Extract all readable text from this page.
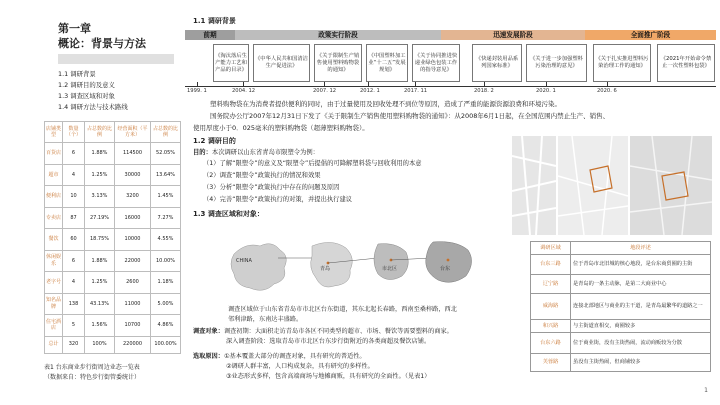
第一章
概论：背景与方法
1.1 调研背景
1.2 调研目的及意义
1.3 调查区域和对象
1.4 调研方法与技术路线
店铺类型	数量（个）	占总数的比例	经营面积（平方米）	占总数的比例
百货店	6	1.88%	114500	52.05%
超市	4	1.25%	30000	13.64%
便利店	10	3.13%	3200	1.45%
专卖店	87	27.19%	16000	7.27%
餐饮	60	18.75%	10000	4.55%
休闲娱乐	6	1.88%	22000	10.00%
老字号	4	1.25%	2600	1.18%
知名品牌	138	43.13%	11000	5.00%
住宅酒店	5	1.56%	10700	4.86%
总计	320	100%	220000	100.00%
表1 台东商业步行街周边业态一览表
（数据来自：特色步行街管委统计）
1.1 调研背景
前期	政策实行阶段	迅速发展阶段	全面推广阶段
《淘汰落后生产能力工艺和产品的目录》
《中华人民共和国清洁生产促进法》
《关于限制生产销售使用塑料购物袋的通知》
《中国塑料加工业“十二五”发展规划》
《关于协同推进快递业绿色包装工作的指导意见》
《快递封装用品系列国家标准》
《关于进一步加强塑料污染治理的意见》
《关于扎实推进塑料污染治理工作的通知》
《2021年开始命令禁止一次性塑料包袋》
1999. 1	2004. 12	2007. 12	2012. 1	2017. 11	2018. 2	2020. 1	2020. 6
塑料购物袋在为消费者提供便利的同时，由于过量使用及回收处理不到位等原因，造成了严重的能源资源浪费和环境污染。
国务院办公厅2007年12月31日下发了《关于限制生产销售使用塑料购物袋的通知》：从2008年6月1日起，在全国范围内禁止生产、销售、
使用厚度小于0．025毫米的塑料购物袋（超薄塑料购物袋）。
1.2 调研目的
目的：本次调研以山东省青岛市限塑令为例：
（1）了解“限塑令”的意义及“限塑令”后提倡的可降解塑料袋与回收利用的本意
（2）调查“限塑令”政策执行的情况和效果
（3）分析“限塑令”政策执行中存在的问题及原因
（4）完善“限塑令”政策执行的对策，并提出执行建议
1.3 调查区域和对象：
CHINA
青岛	市北区	台东
调研区域	地段评述
台东三路	位于青岛市北旧城的核心地段，是台东商贸圈的主街
辽宁路	是青岛的一条主动脉，是第二大商业中心
威海路	连接北部地区与商业的主干道，是青岛最繁华的道路之一
和兴路	与主街道直相交，商圈较多
台东六路	位于商业街，没有主街热闹，流动商贩较为分散
芙蓉路	虽没有主街热闹，但商铺较多
调查区域位于山东省青岛市市北区台东街道，其东北起长春路，西南至桑梓路，西北
邻利津路，东南达丰盛路。
调查对象：调查初期：大面积走访青岛市各区不同类型的超市、市场、餐饮等需要塑料的商家。
深入调查阶段：选取青岛市市北区台东步行街附近的各类商超及餐饮店铺。
选取原因：①基本覆盖大部分的调查对象，具有研究的普适性。
②调研人群丰富，人口构成复杂，具有研究的多样性。
③业态形式多样，包含高端商场与地摊商贩，具有研究的全面性。（见表1）
1
